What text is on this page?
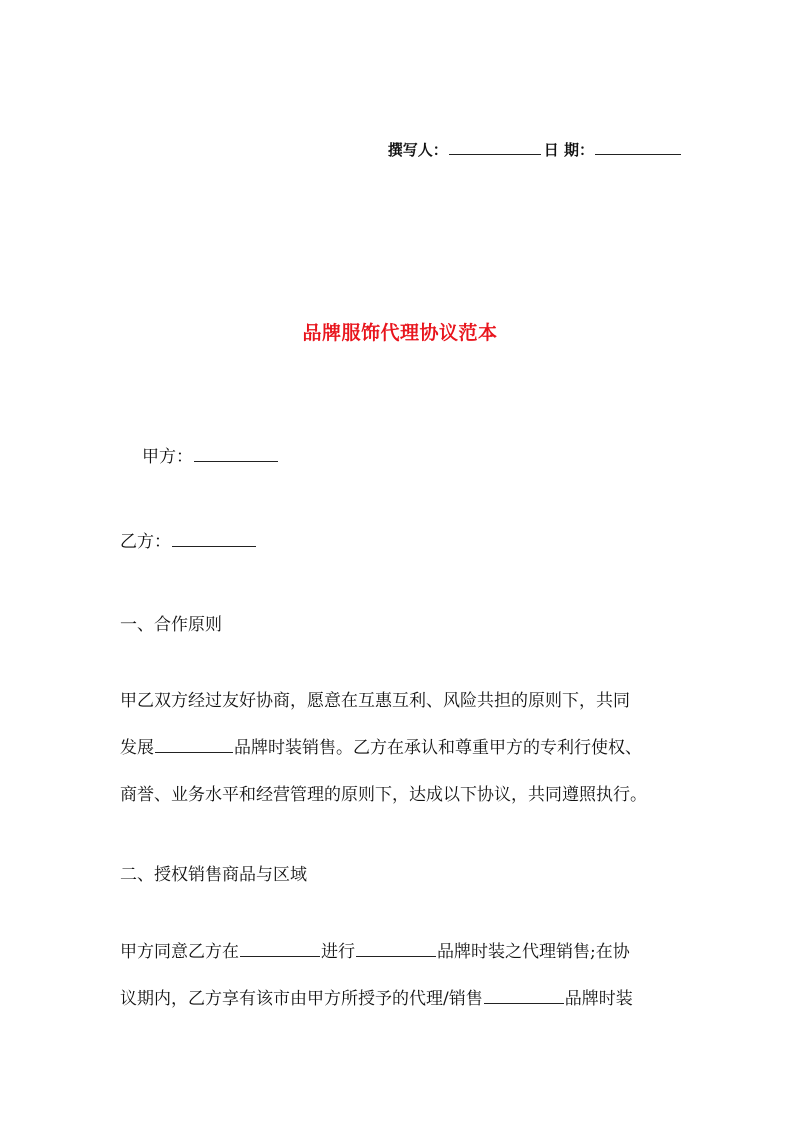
撰写人：	日 期：
品牌服饰代理协议范本
甲方：
乙方：
一、合作原则

甲乙双方经过友好协商，愿意在互惠互利、风险共担的原则下，共同

发展	品牌时装销售。乙方在承认和尊重甲方的专利行使权、

商誉、业务水平和经营管理的原则下，达成以下协议，共同遵照执行。

二、授权销售商品与区域

甲方同意乙方在	进行	品牌时装之代理销售;在协

议期内，乙方享有该市由甲方所授予的代理/销售	品牌时装
